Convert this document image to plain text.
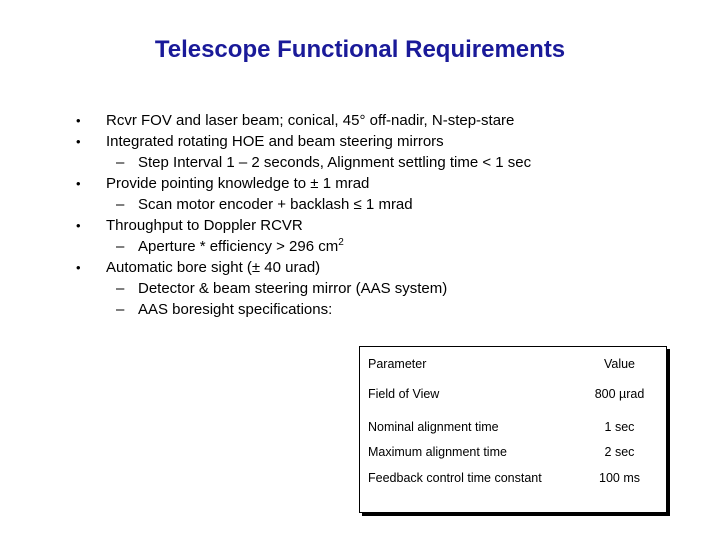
Telescope Functional Requirements
• Rcvr FOV and laser beam; conical, 45° off-nadir, N-step-stare
• Integrated rotating HOE and beam steering mirrors
– Step Interval 1 – 2 seconds, Alignment settling time < 1 sec
• Provide pointing knowledge to ± 1 mrad
– Scan motor encoder + backlash ≤ 1 mrad
• Throughput to Doppler RCVR
– Aperture * efficiency > 296 $cm^2$
• Automatic bore sight (± 40 urad)
– Detector & beam steering mirror (AAS system)
– AAS boresight specifications:
Parameter	Value
Field of View	800 µrad
Nominal alignment time	1 sec
Maximum alignment time	2 sec
Feedback control time constant	100 ms
